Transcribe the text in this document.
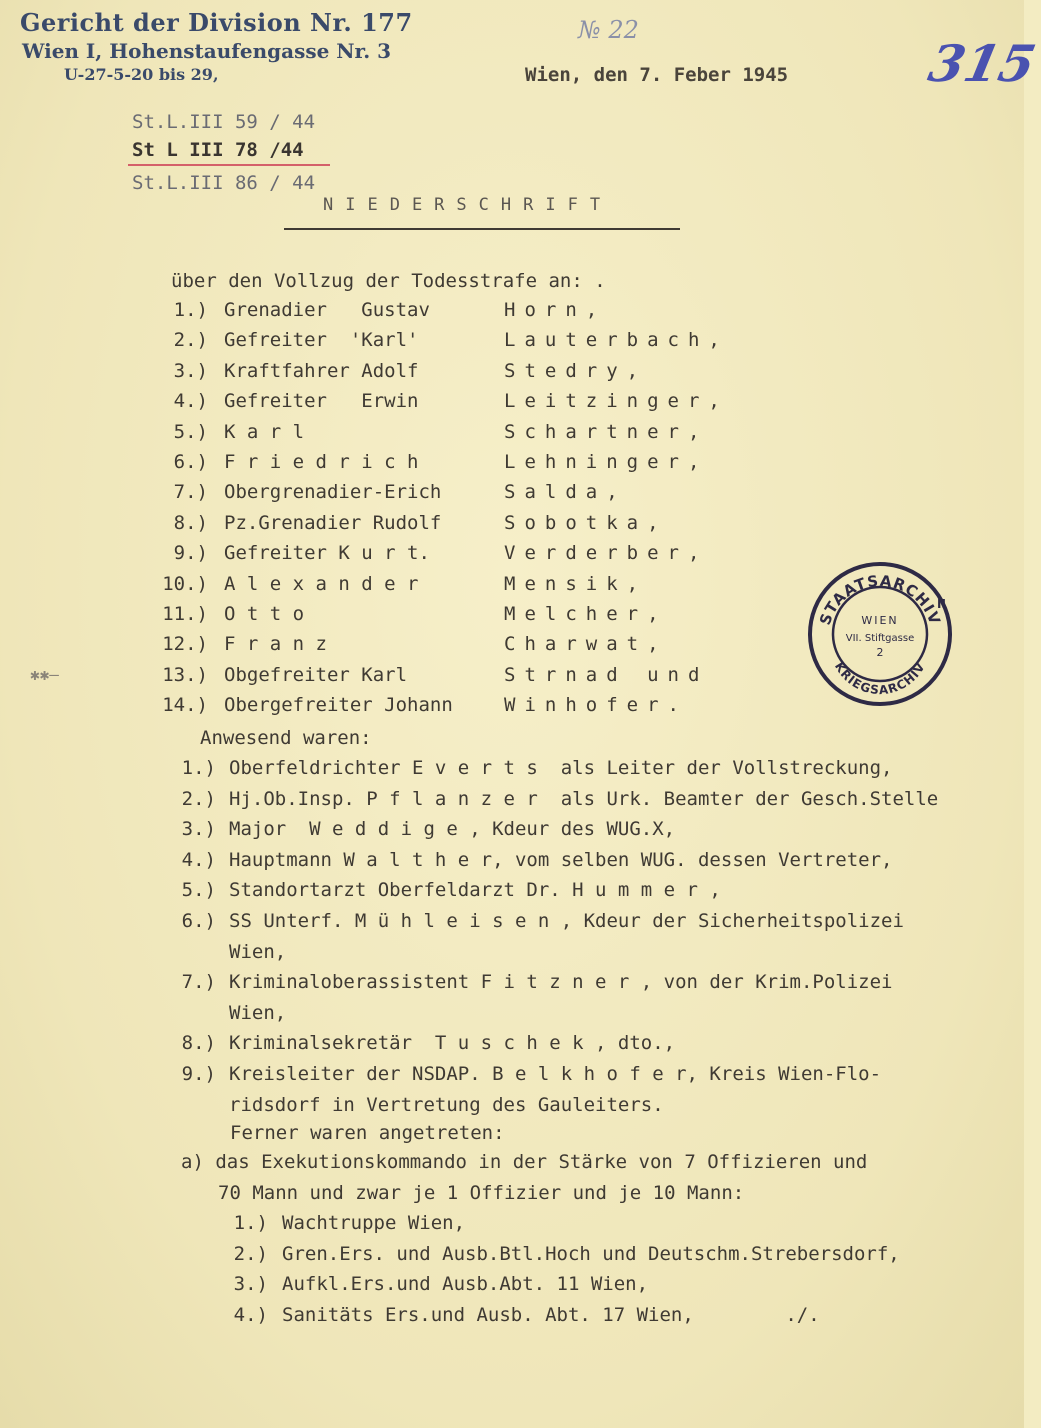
Gericht der Division Nr. 177
Wien I, Hohenstaufengasse Nr. 3
U-27-5-20 bis 29,
№ 22
315
Wien, den 7. Feber 1945
St.L.III 59 / 44
St L III 78 /44
St.L.III 86 / 44
NIEDERSCHRIFT
über den Vollzug der Todesstrafe an: .
1.) Grenadier   Gustav	Horn,
2.) Gefreiter  'Karl'	Lauterbach,
3.) Kraftfahrer Adolf	Stedry,
4.) Gefreiter   Erwin	Leitzinger,
5.) K a r l	Schartner,
6.) F r i e d r i c h	Lehninger,
7.) Obergrenadier-Erich	Salda,
8.) Pz.Grenadier Rudolf	Sobotka,
9.) Gefreiter K u r t.	Verderber,
10.) A l e x a n d e r	Mensik,
11.) O t t o	Melcher,
12.) F r a n z	Charwat,
13.) Obgefreiter Karl	Strnad und
14.) Obergefreiter Johann	Winhofer.
✱✱–
Anwesend waren:
1.) Oberfeldrichter E v e r t s  als Leiter der Vollstreckung,
2.) Hj.Ob.Insp. P f l a n z e r  als Urk. Beamter der Gesch.Stelle
3.) Major  W e d d i g e , Kdeur des WUG.X,
4.) Hauptmann W a l t h e r, vom selben WUG. dessen Vertreter,
5.) Standortarzt Oberfeldarzt Dr. H u m m e r ,
6.) SS Unterf. M ü h l e i s e n , Kdeur der Sicherheitspolizei
Wien,
7.) Kriminaloberassistent F i t z n e r , von der Krim.Polizei
Wien,
8.) Kriminalsekretär  T u s c h e k , dto.,
9.) Kreisleiter der NSDAP. B e l k h o f e r, Kreis Wien-Flo-
ridsdorf in Vertretung des Gauleiters.
Ferner waren angetreten:
a) das Exekutionskommando in der Stärke von 7 Offizieren und
70 Mann und zwar je 1 Offizier und je 10 Mann:
1.) Wachtruppe Wien,
2.) Gren.Ers. und Ausb.Btl.Hoch und Deutschm.Strebersdorf,
3.) Aufkl.Ers.und Ausb.Abt. 11 Wien,
4.) Sanitäts Ers.und Ausb. Abt. 17 Wien,        ./.
STAATSARCHIV
KRIEGSARCHIV
II
WIEN
VII. Stiftgasse
2
